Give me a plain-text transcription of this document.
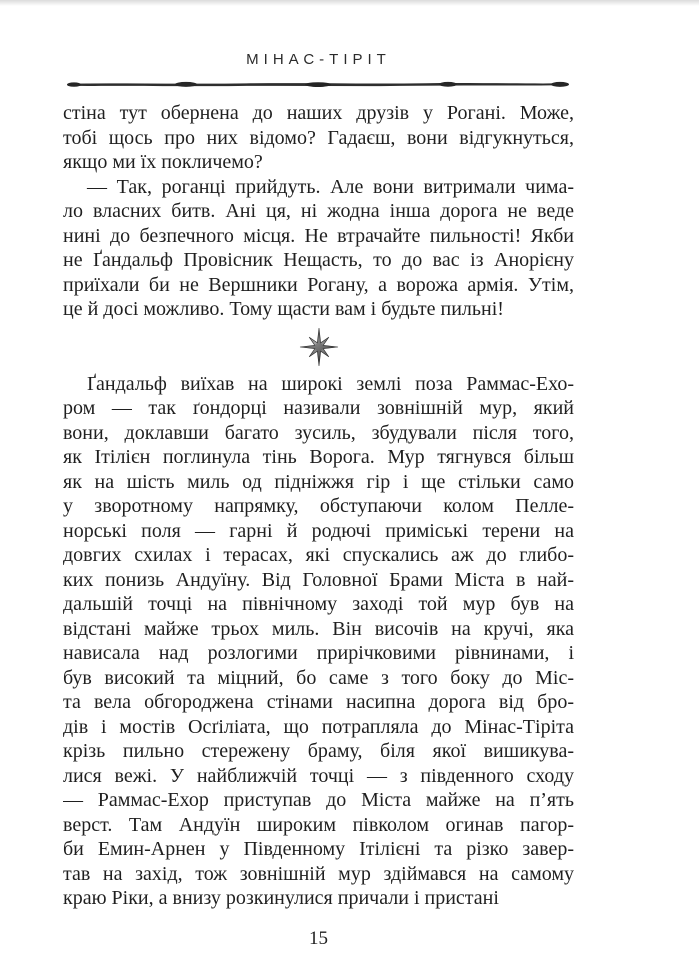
МІНАС-ТІРІТ
стіна тут обернена до наших друзів у Рогані. Може,
тобі щось про них відомо? Гадаєш, вони відгукнуться,
якщо ми їх покличемо?
— Так, роганці прийдуть. Але вони витримали чима-
ло власних битв. Ані ця, ні жодна інша дорога не веде
нині до безпечного місця. Не втрачайте пильності! Якби
не Ґандальф Провісник Нещасть, то до вас із Анорієну
приїхали би не Вершники Рогану, а ворожа армія. Утім,
це й досі можливо. Тому щасти вам і будьте пильні!
Ґандальф виїхав на широкі землі поза Раммас-Ехо-
ром — так ґондорці називали зовнішній мур, який
вони, доклавши багато зусиль, збудували після того,
як Ітілієн поглинула тінь Ворога. Мур тягнувся більш
як на шість миль од підніжжя гір і ще стільки само
у зворотному напрямку, обступаючи колом Пелле-
норські поля — гарні й родючі приміські терени на
довгих схилах і терасах, які спускались аж до глибо-
ких понизь Андуїну. Від Головної Брами Міста в най-
дальшій точці на північному заході той мур був на
відстані майже трьох миль. Він височів на кручі, яка
нависала над розлогими прирічковими рівнинами, і
був високий та міцний, бо саме з того боку до Міс-
та вела обгороджена стінами насипна дорога від бро-
дів і мостів Осґіліата, що потрапляла до Мінас-Тіріта
крізь пильно стережену браму, біля якої вишикува-
лися вежі. У найближчій точці — з південного сходу
— Раммас-Ехор приступав до Міста майже на п’ять
верст. Там Андуїн широким півколом огинав пагор-
би Емин-Арнен у Південному Ітілієні та різко завер-
тав на захід, тож зовнішній мур здіймався на самому
краю Ріки, а внизу розкинулися причали і пристані
15
